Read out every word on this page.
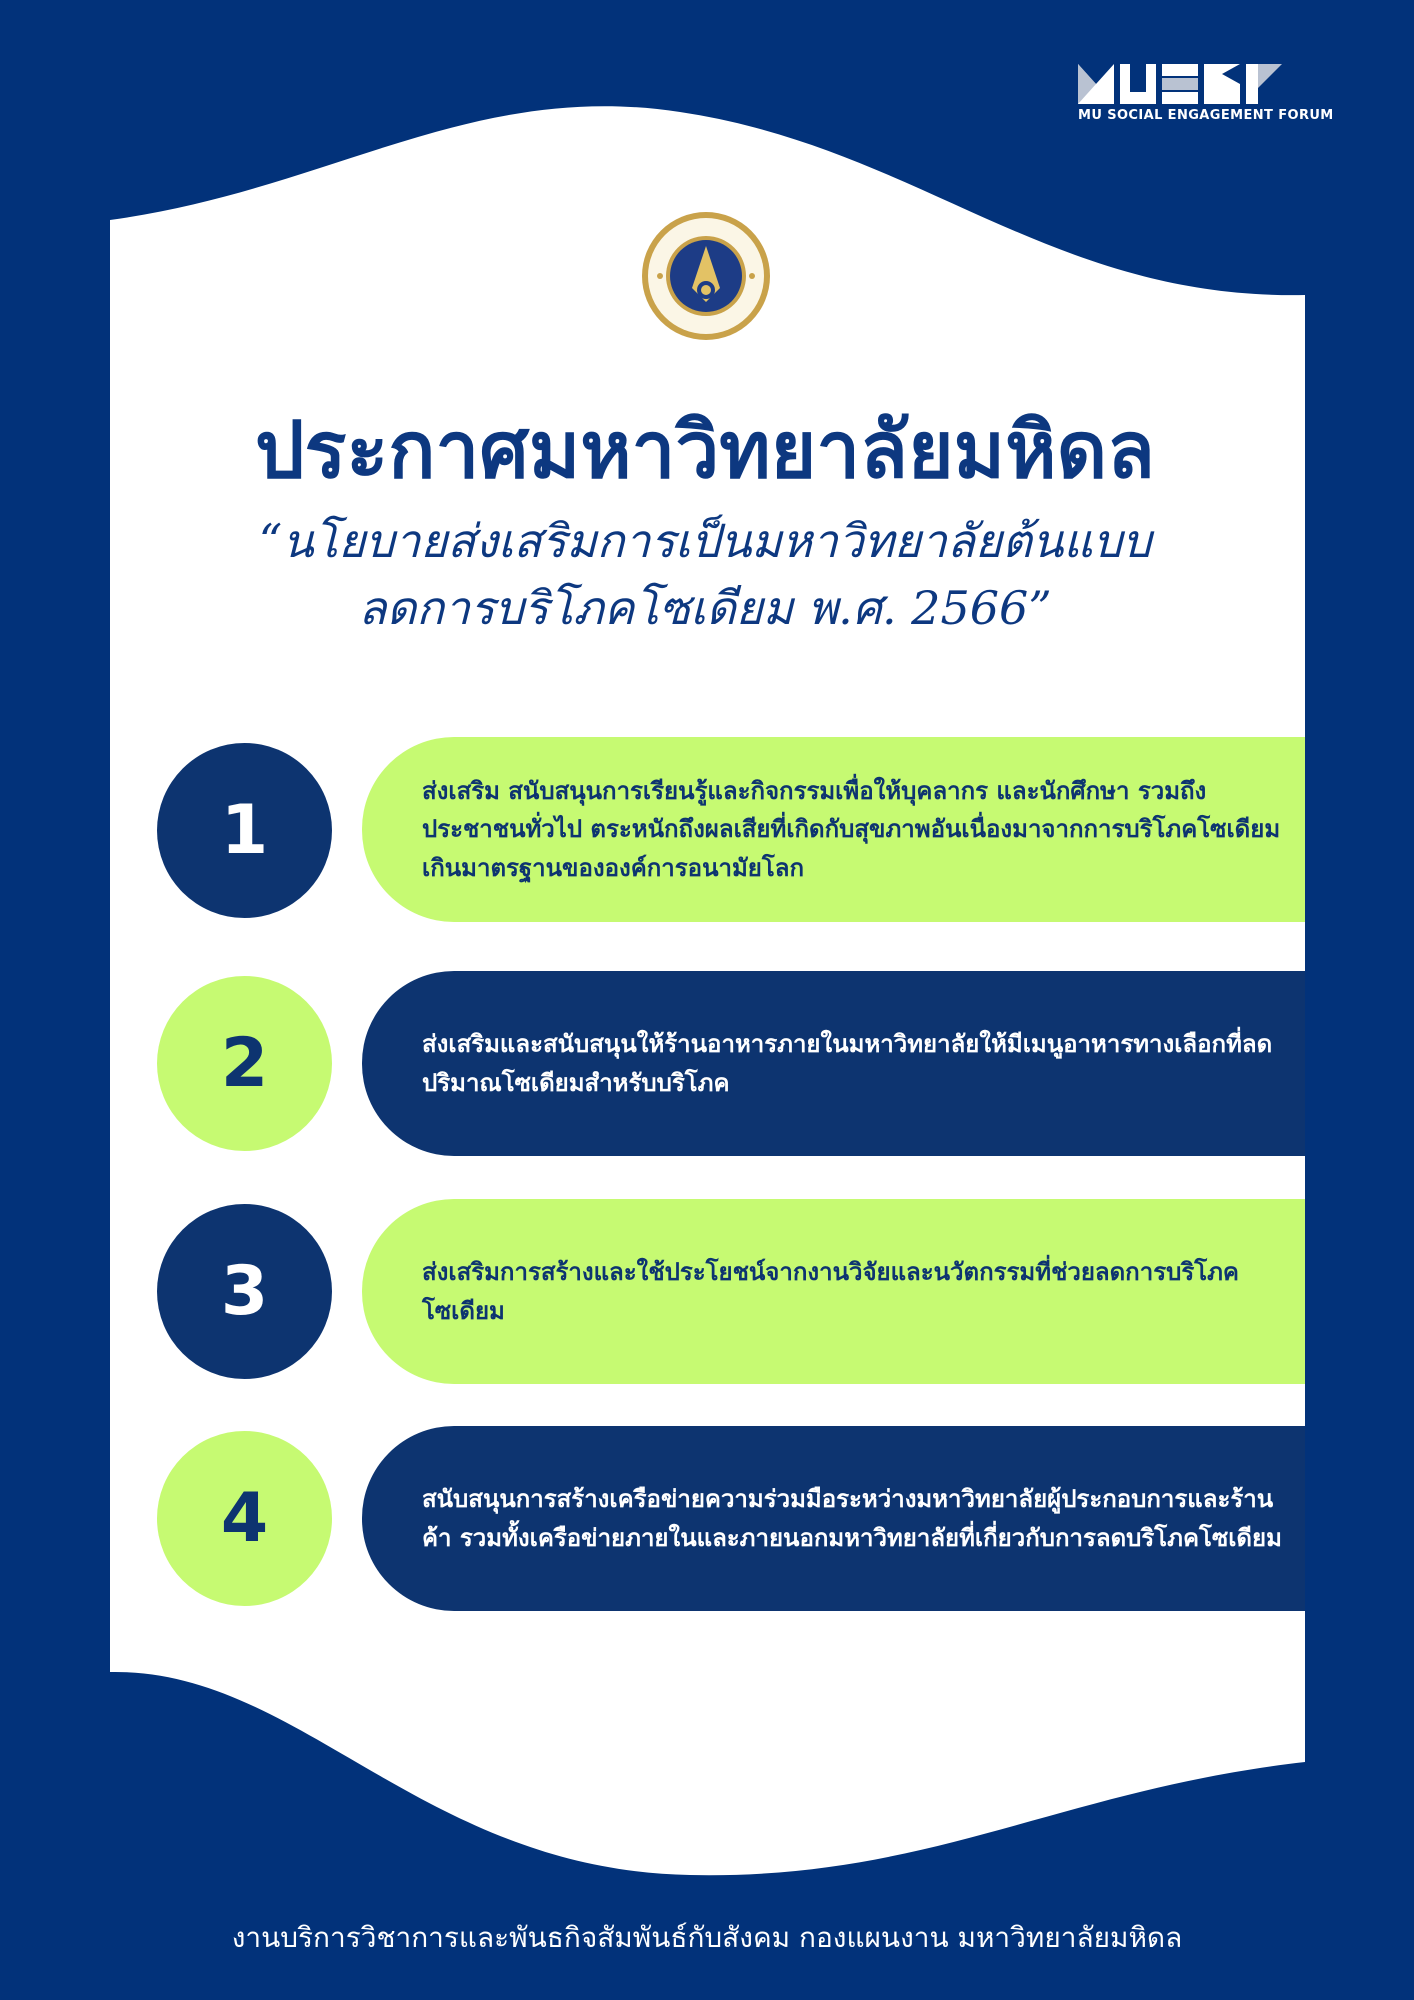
MU SOCIAL ENGAGEMENT FORUM
ประกาศมหาวิทยาลัยมหิดล
“นโยบายส่งเสริมการเป็นมหาวิทยาลัยต้นแบบ
ลดการบริโภคโซเดียม พ.ศ. 2566”
1
ส่งเสริม สนับสนุนการเรียนรู้และกิจกรรมเพื่อให้บุคลากร และนักศึกษา รวมถึงประชาชนทั่วไป ตระหนักถึงผลเสียที่เกิดกับสุขภาพอันเนื่องมาจากการบริโภคโซเดียมเกินมาตรฐานขององค์การอนามัยโลก
2	ส่งเสริมและสนับสนุนให้ร้านอาหารภายในมหาวิทยาลัยให้มีเมนูอาหารทางเลือกที่ลดปริมาณโซเดียมสำหรับบริโภค
3	ส่งเสริมการสร้างและใช้ประโยชน์จากงานวิจัยและนวัตกรรมที่ช่วยลดการบริโภคโซเดียม
4	สนับสนุนการสร้างเครือข่ายความร่วมมือระหว่างมหาวิทยาลัยผู้ประกอบการและร้านค้า รวมทั้งเครือข่ายภายในและภายนอกมหาวิทยาลัยที่เกี่ยวกับการลดบริโภคโซเดียม
งานบริการวิชาการและพันธกิจสัมพันธ์กับสังคม กองแผนงาน มหาวิทยาลัยมหิดล
